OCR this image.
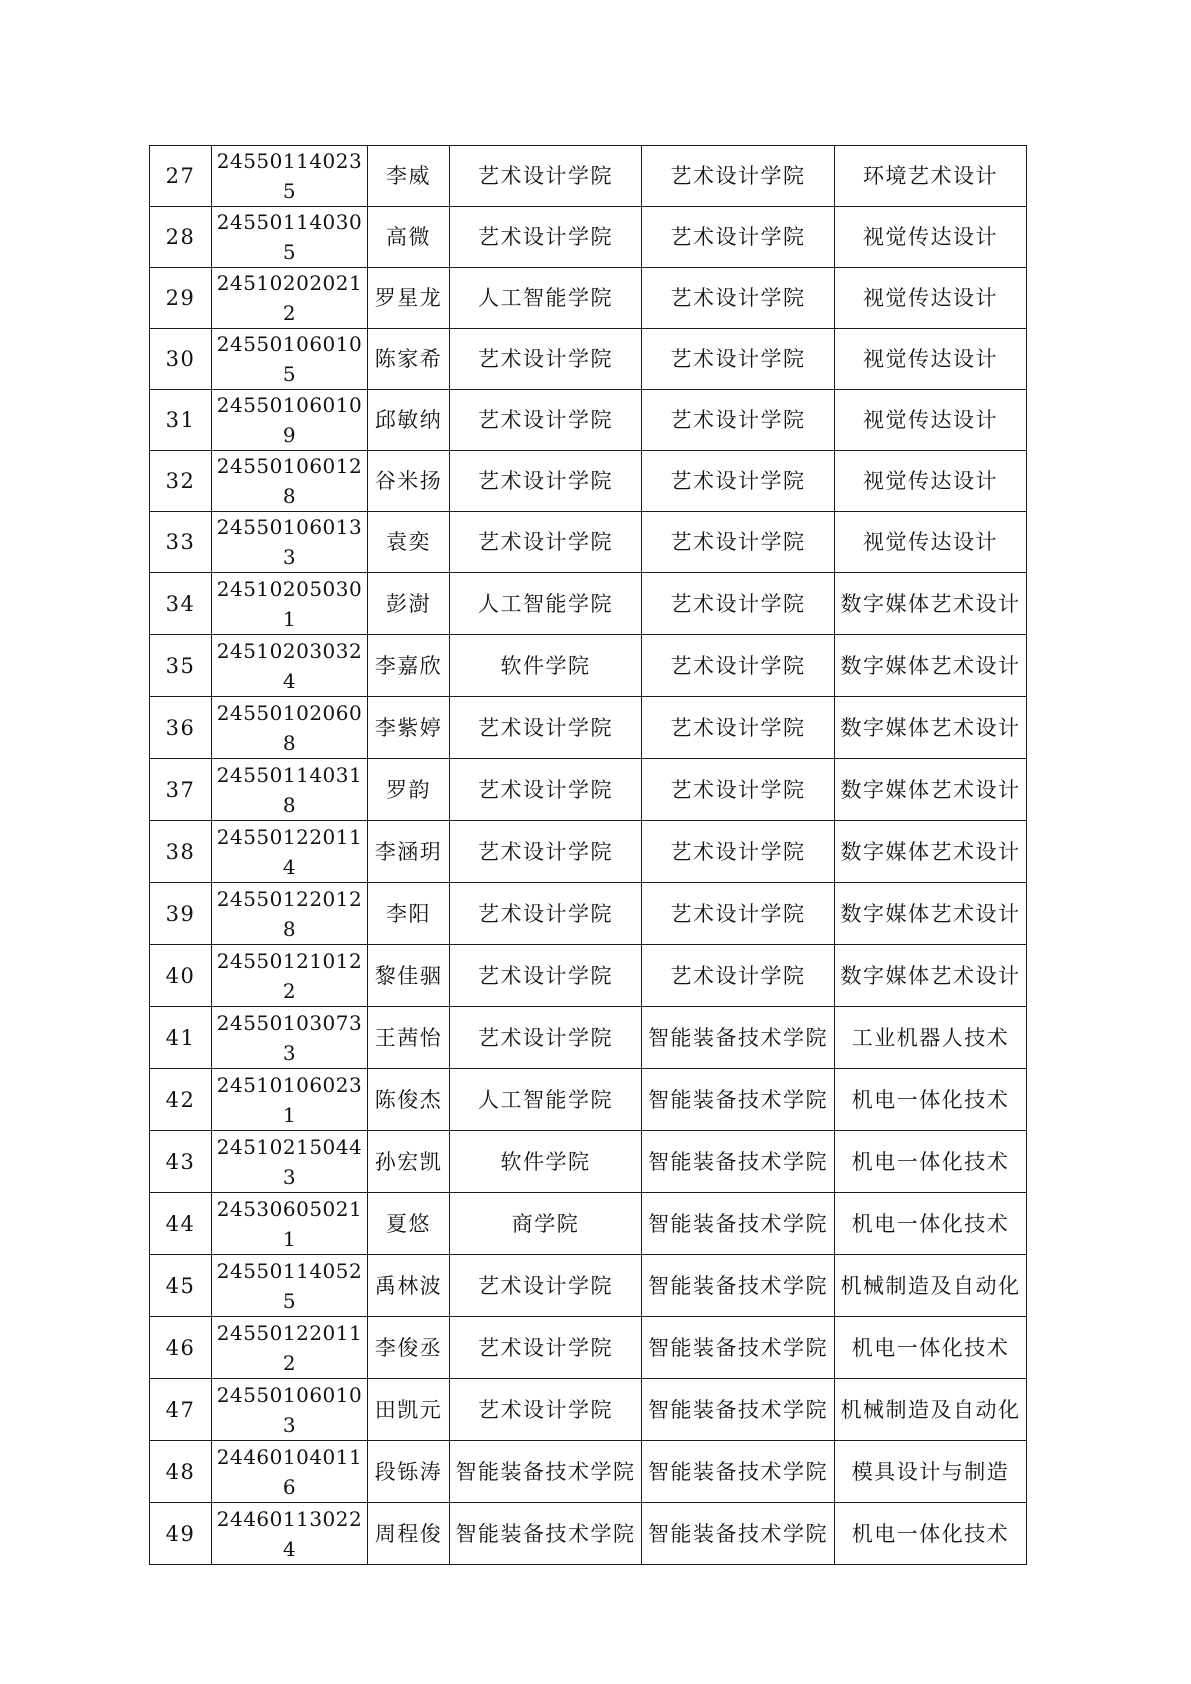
27	245501140235	李威	艺术设计学院	艺术设计学院	环境艺术设计
28	245501140305	高微	艺术设计学院	艺术设计学院	视觉传达设计
29	245102020212	罗星龙	人工智能学院	艺术设计学院	视觉传达设计
30	245501060105	陈家希	艺术设计学院	艺术设计学院	视觉传达设计
31	245501060109	邱敏纳	艺术设计学院	艺术设计学院	视觉传达设计
32	245501060128	谷米扬	艺术设计学院	艺术设计学院	视觉传达设计
33	245501060133	袁奕	艺术设计学院	艺术设计学院	视觉传达设计
34	245102050301	彭澍	人工智能学院	艺术设计学院	数字媒体艺术设计
35	245102030324	李嘉欣	软件学院	艺术设计学院	数字媒体艺术设计
36	245501020608	李紫婷	艺术设计学院	艺术设计学院	数字媒体艺术设计
37	245501140318	罗韵	艺术设计学院	艺术设计学院	数字媒体艺术设计
38	245501220114	李涵玥	艺术设计学院	艺术设计学院	数字媒体艺术设计
39	245501220128	李阳	艺术设计学院	艺术设计学院	数字媒体艺术设计
40	245501210122	黎佳骃	艺术设计学院	艺术设计学院	数字媒体艺术设计
41	245501030733	王茜怡	艺术设计学院	智能装备技术学院	工业机器人技术
42	245101060231	陈俊杰	人工智能学院	智能装备技术学院	机电一体化技术
43	245102150443	孙宏凯	软件学院	智能装备技术学院	机电一体化技术
44	245306050211	夏悠	商学院	智能装备技术学院	机电一体化技术
45	245501140525	禹林波	艺术设计学院	智能装备技术学院	机械制造及自动化
46	245501220112	李俊丞	艺术设计学院	智能装备技术学院	机电一体化技术
47	245501060103	田凯元	艺术设计学院	智能装备技术学院	机械制造及自动化
48	244601040116	段铄涛	智能装备技术学院	智能装备技术学院	模具设计与制造
49	244601130224	周程俊	智能装备技术学院	智能装备技术学院	机电一体化技术
